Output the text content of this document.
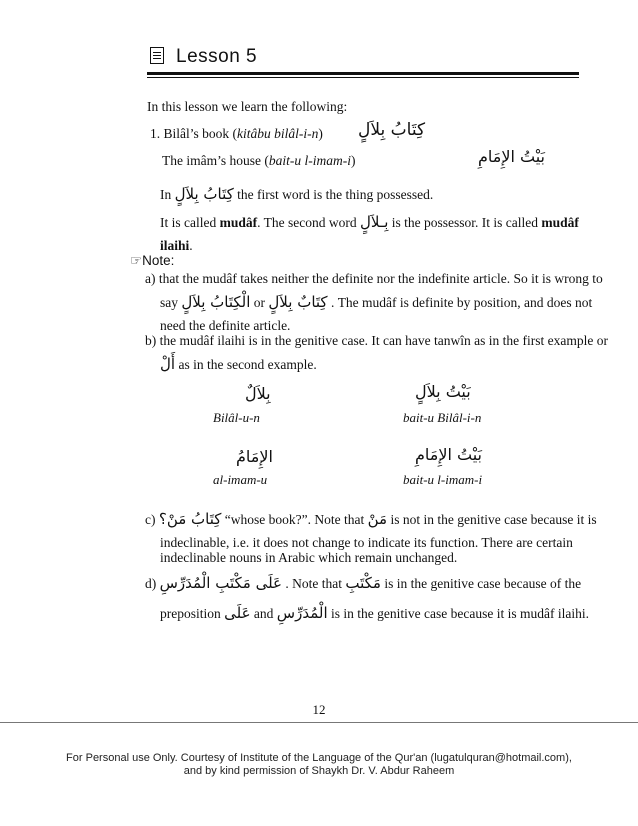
Lesson 5
In this lesson we learn the following:
1. Bilâl’s book (kitâbu bilâl-i-n) كِتَابُ بِلاَلٍ
The imâm’s house (bait-u l-imam-i)	بَيْتُ الإِمَامِ
In كِتَابُ بِلاَلٍ the first word is the thing possessed.
It is called mudâf. The second word بِـلاَلٍ is the possessor. It is called mudâf
ilaihi.
☞Note:
a) that the mudâf takes neither the definite nor the indefinite article. So it is wrong to
say الْكِتَابُ بِلاَلٍ or كِتَابٌ بِلاَلٍ . The mudâf is definite by position, and does not
need the definite article.
b) the mudâf ilaihi is in the genitive case. It can have tanwîn as in the first example or
أَلْ as in the second example.
بِلاَلٌ
Bilâl-u-n
بَيْتُ بِلاَلٍ
bait-u Bilâl-i-n
الإِمَامُ
al-imam-u
بَيْتُ الإِمَامِ
bait-u l-imam-i
c) كِتَابُ مَنْ؟ “whose book?”. Note that مَنْ is not in the genitive case because it is
indeclinable, i.e. it does not change to indicate its function. There are certain
indeclinable nouns in Arabic which remain unchanged.
d) عَلَى مَكْتَبِ الْمُدَرِّسِ . Note that مَكْتَبِ is in the genitive case because of the
preposition عَلَى and الْمُدَرِّسِ is in the genitive case because it is mudâf ilaihi.
12
For Personal use Only. Courtesy of Institute of the Language of the Qur'an (lugatulquran@hotmail.com),
and by kind permission of Shaykh Dr. V. Abdur Raheem
